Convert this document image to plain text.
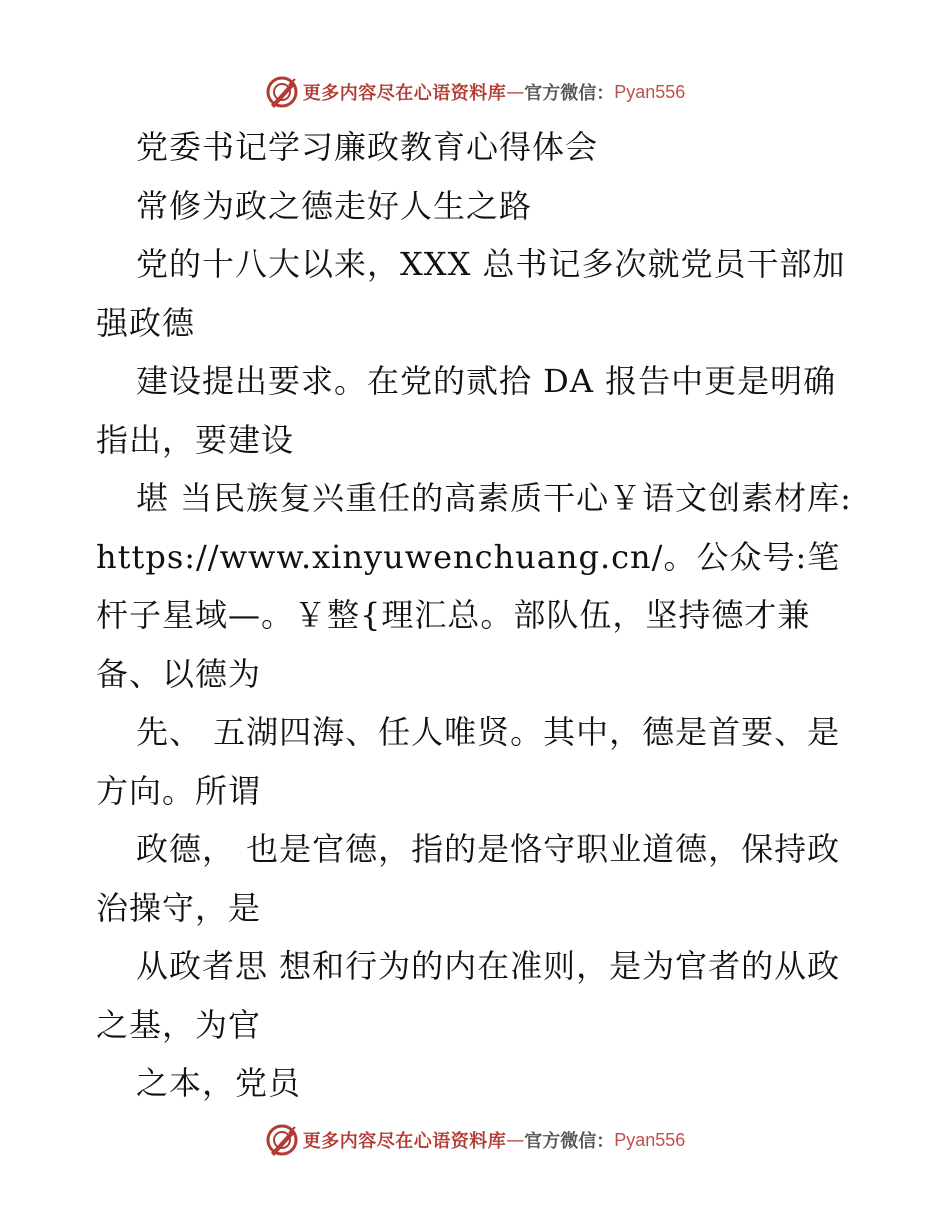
更多内容尽在心语资料库 — 官方微信： Pyan556

党委书记学习廉政教育心得体会

常修为政之德走好人生之路

党的十八大以来，XXX 总书记多次就党员干部加强政德

建设提出要求。在党的贰拾 DA 报告中更是明确指出，要建设

堪 当民族复兴重任的高素质干心￥语文创素材库: https://www.xinyuwenchuang.cn/。公众号:笔杆子星域—。￥整{理汇总。部队伍，坚持德才兼备、以德为

先、 五湖四海、任人唯贤。其中，德是首要、是方向。所谓

政德， 也是官德，指的是恪守职业道德，保持政治操守，是

从政者思 想和行为的内在准则，是为官者的从政之基，为官

之本，党员

更多内容尽在心语资料库 — 官方微信： Pyan556
